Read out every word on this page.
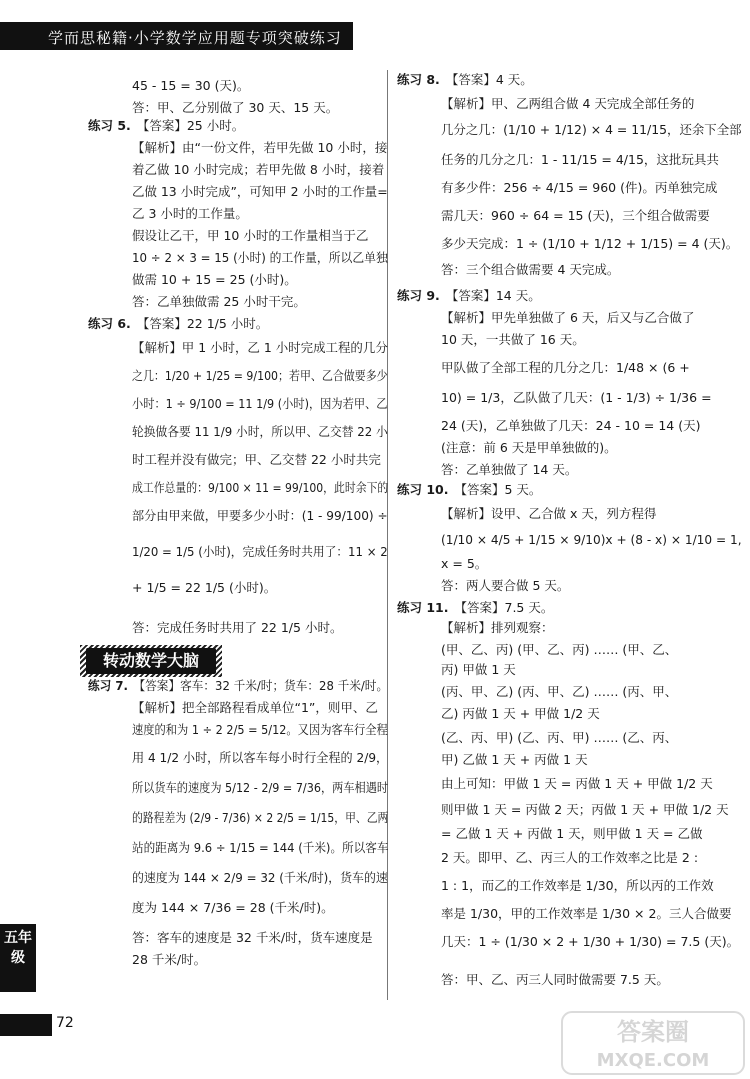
学而思秘籍·小学数学应用题专项突破练习
45 - 15 = 30 (天)。
答：甲、乙分别做了 30 天、15 天。
练习 5. 【答案】25 小时。
【解析】由“一份文件，若甲先做 10 小时，接
着乙做 10 小时完成；若甲先做 8 小时，接着
乙做 13 小时完成”，可知甲 2 小时的工作量=
乙 3 小时的工作量。
假设让乙干，甲 10 小时的工作量相当于乙
10 ÷ 2 × 3 = 15 (小时) 的工作量，所以乙单独
做需 10 + 15 = 25 (小时)。
答：乙单独做需 25 小时干完。
练习 6. 【答案】22 1/5 小时。
【解析】甲 1 小时，乙 1 小时完成工程的几分
之几：1/20 + 1/25 = 9/100；若甲、乙合做要多少
小时：1 ÷ 9/100 = 11 1/9 (小时)，因为若甲、乙
轮换做各要 11 1/9 小时，所以甲、乙交替 22 小
时工程并没有做完；甲、乙交替 22 小时共完
成工作总量的：9/100 × 11 = 99/100，此时余下的
部分由甲来做，甲要多少小时：(1 - 99/100) ÷
1/20 = 1/5 (小时)，完成任务时共用了：11 × 2
+ 1/5 = 22 1/5 (小时)。
答：完成任务时共用了 22 1/5 小时。
练习 7. 【答案】客车：32 千米/时；货车：28 千米/时。
【解析】把全部路程看成单位“1”，则甲、乙
速度的和为 1 ÷ 2 2/5 = 5/12。又因为客车行全程
用 4 1/2 小时，所以客车每小时行全程的 2/9，
所以货车的速度为 5/12 - 2/9 = 7/36，两车相遇时
的路程差为 (2/9 - 7/36) × 2 2/5 = 1/15，甲、乙两
站的距离为 9.6 ÷ 1/15 = 144 (千米)。所以客车
的速度为 144 × 2/9 = 32 (千米/时)，货车的速
度为 144 × 7/36 = 28 (千米/时)。
答：客车的速度是 32 千米/时，货车速度是
28 千米/时。
练习 8. 【答案】4 天。
【解析】甲、乙两组合做 4 天完成全部任务的
几分之几：(1/10 + 1/12) × 4 = 11/15，还余下全部
任务的几分之几：1 - 11/15 = 4/15，这批玩具共
有多少件：256 ÷ 4/15 = 960 (件)。丙单独完成
需几天：960 ÷ 64 = 15 (天)，三个组合做需要
多少天完成：1 ÷ (1/10 + 1/12 + 1/15) = 4 (天)。
答：三个组合做需要 4 天完成。
练习 9. 【答案】14 天。
【解析】甲先单独做了 6 天，后又与乙合做了
10 天，一共做了 16 天。
甲队做了全部工程的几分之几：1/48 × (6 +
10) = 1/3，乙队做了几天：(1 - 1/3) ÷ 1/36 =
24 (天)，乙单独做了几天：24 - 10 = 14 (天)
(注意：前 6 天是甲单独做的)。
答：乙单独做了 14 天。
练习 10. 【答案】5 天。
【解析】设甲、乙合做 x 天，列方程得
(1/10 × 4/5 + 1/15 × 9/10)x + (8 - x) × 1/10 = 1,
x = 5。
答：两人要合做 5 天。
练习 11. 【答案】7.5 天。
【解析】排列观察：
(甲、乙、丙) (甲、乙、丙) …… (甲、乙、
丙) 甲做 1 天
(丙、甲、乙) (丙、甲、乙) …… (丙、甲、
乙) 丙做 1 天 + 甲做 1/2 天
(乙、丙、甲) (乙、丙、甲) …… (乙、丙、
甲) 乙做 1 天 + 丙做 1 天
由上可知：甲做 1 天 = 丙做 1 天 + 甲做 1/2 天
则甲做 1 天 = 丙做 2 天；丙做 1 天 + 甲做 1/2 天
= 乙做 1 天 + 丙做 1 天，则甲做 1 天 = 乙做
2 天。即甲、乙、丙三人的工作效率之比是 2 :
1 : 1，而乙的工作效率是 1/30，所以丙的工作效
率是 1/30，甲的工作效率是 1/30 × 2。三人合做要
几天：1 ÷ (1/30 × 2 + 1/30 + 1/30) = 7.5 (天)。
答：甲、乙、丙三人同时做需要 7.5 天。
转动数学大脑
五年
级
72	答案圈
MXQE.COM
